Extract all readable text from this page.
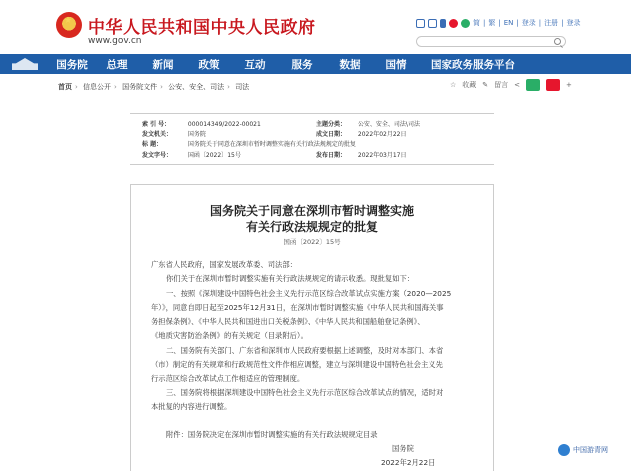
★ 中华人民共和国中央人民政府
www.gov.cn
简 | 繁 | EN | 登录 | 注册 | 登录
国务院	总理	新闻	政策	互动	服务	数据	国情	国家政务服务平台
首页 › 信息公开 › 国务院文件 › 公安、安全、司法 › 司法	☆ 收藏 ✎ 留言 <	+
索 引 号：	000014349/2022-00021	主题分类： 公安、安全、司法\司法
发文机关：	国务院	成文日期： 2022年02月22日
标 题：	国务院关于同意在深圳市暂时调整实施有关行政法规规定的批复
发文字号：	国函〔2022〕15号	发布日期： 2022年03月17日
国务院关于同意在深圳市暂时调整实施
有关行政法规规定的批复
国函〔2022〕15号
广东省人民政府，国家发展改革委、司法部：
你们关于在深圳市暂时调整实施有关行政法规规定的请示收悉。现批复如下：
一、按照《深圳建设中国特色社会主义先行示范区综合改革试点实施方案（2020—2025
年）》，同意自即日起至2025年12月31日，在深圳市暂时调整实施《中华人民共和国海关事
务担保条例》、《中华人民共和国进出口关税条例》、《中华人民共和国船舶登记条例》、
《地质灾害防治条例》的有关规定（目录附后）。
二、国务院有关部门、广东省和深圳市人民政府要根据上述调整，及时对本部门、本省
（市）制定的有关规章和行政规范性文件作相应调整，建立与深圳建设中国特色社会主义先
行示范区综合改革试点工作相适应的管理制度。
三、国务院将根据深圳建设中国特色社会主义先行示范区综合改革试点的情况，适时对
本批复的内容进行调整。
附件：国务院决定在深圳市暂时调整实施的有关行政法规规定目录
国务院
2022年2月22日
中国游青网
